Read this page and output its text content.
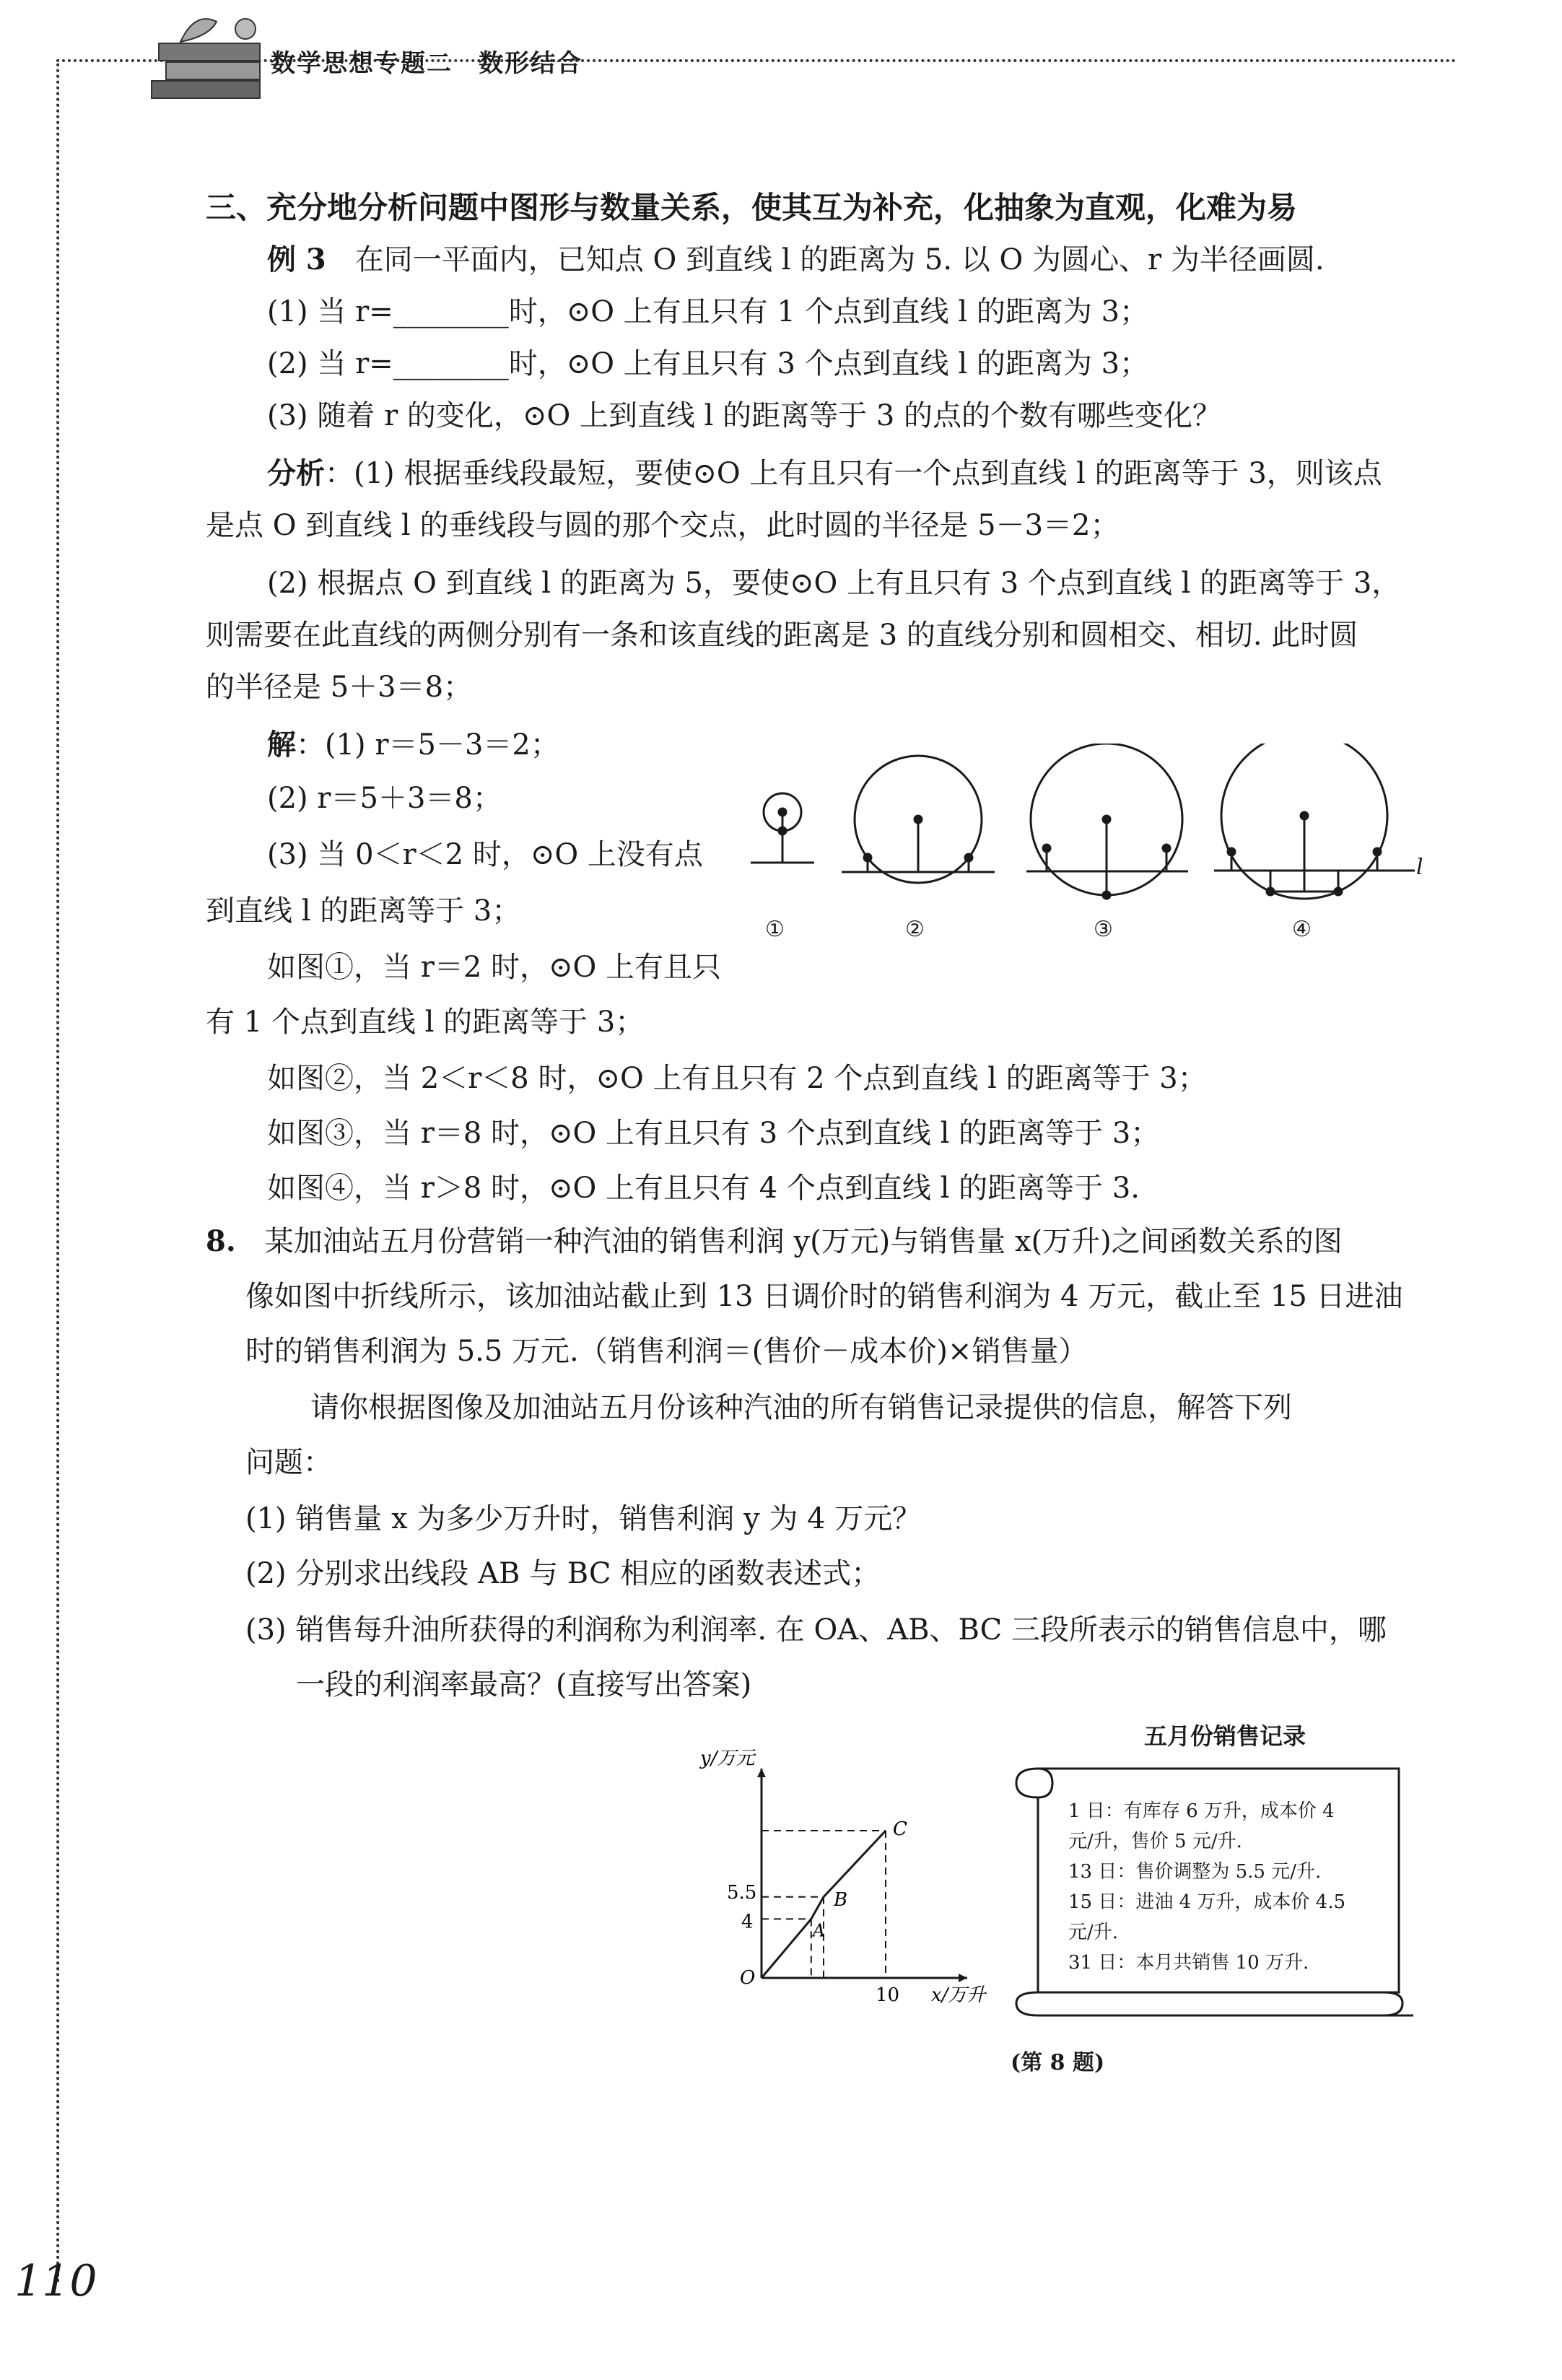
数学思想专题二　数形结合
三、充分地分析问题中图形与数量关系，使其互为补充，化抽象为直观，化难为易
例 3　 在同一平面内，已知点 O 到直线 l 的距离为 5. 以 O 为圆心、r 为半径画圆.
(1) 当 r=________时，⊙O 上有且只有 1 个点到直线 l 的距离为 3；
(2) 当 r=________时，⊙O 上有且只有 3 个点到直线 l 的距离为 3；
(3) 随着 r 的变化，⊙O 上到直线 l 的距离等于 3 的点的个数有哪些变化？
分析：(1) 根据垂线段最短，要使⊙O 上有且只有一个点到直线 l 的距离等于 3，则该点
是点 O 到直线 l 的垂线段与圆的那个交点，此时圆的半径是 5－3＝2；
(2) 根据点 O 到直线 l 的距离为 5，要使⊙O 上有且只有 3 个点到直线 l 的距离等于 3，
则需要在此直线的两侧分别有一条和该直线的距离是 3 的直线分别和圆相交、相切. 此时圆
的半径是 5＋3＝8；
解：(1) r＝5－3＝2；
(2) r＝5＋3＝8；
(3) 当 0＜r＜2 时，⊙O 上没有点
到直线 l 的距离等于 3；
如图①，当 r＝2 时，⊙O 上有且只
有 1 个点到直线 l 的距离等于 3；
如图②，当 2＜r＜8 时，⊙O 上有且只有 2 个点到直线 l 的距离等于 3；
如图③，当 r＝8 时，⊙O 上有且只有 3 个点到直线 l 的距离等于 3；
如图④，当 r＞8 时，⊙O 上有且只有 4 个点到直线 l 的距离等于 3.
l
①	②	③	④
8.　 某加油站五月份营销一种汽油的销售利润 y(万元)与销售量 x(万升)之间函数关系的图
像如图中折线所示，该加油站截止到 13 日调价时的销售利润为 4 万元，截止至 15 日进油
时的销售利润为 5.5 万元.（销售利润＝(售价－成本价)×销售量）
请你根据图像及加油站五月份该种汽油的所有销售记录提供的信息，解答下列
问题：
(1) 销售量 x 为多少万升时，销售利润 y 为 4 万元？
(2) 分别求出线段 AB 与 BC 相应的函数表述式；
(3) 销售每升油所获得的利润称为利润率. 在 OA、AB、BC 三段所表示的销售信息中，哪
一段的利润率最高？(直接写出答案)
y/万元
x/万升
O
5.5
4
10
A
B
C
五月份销售记录
1 日：有库存 6 万升，成本价 4
元/升，售价 5 元/升.
13 日：售价调整为 5.5 元/升.
15 日：进油 4 万升，成本价 4.5
元/升.
31 日：本月共销售 10 万升.
(第 8 题)
110
